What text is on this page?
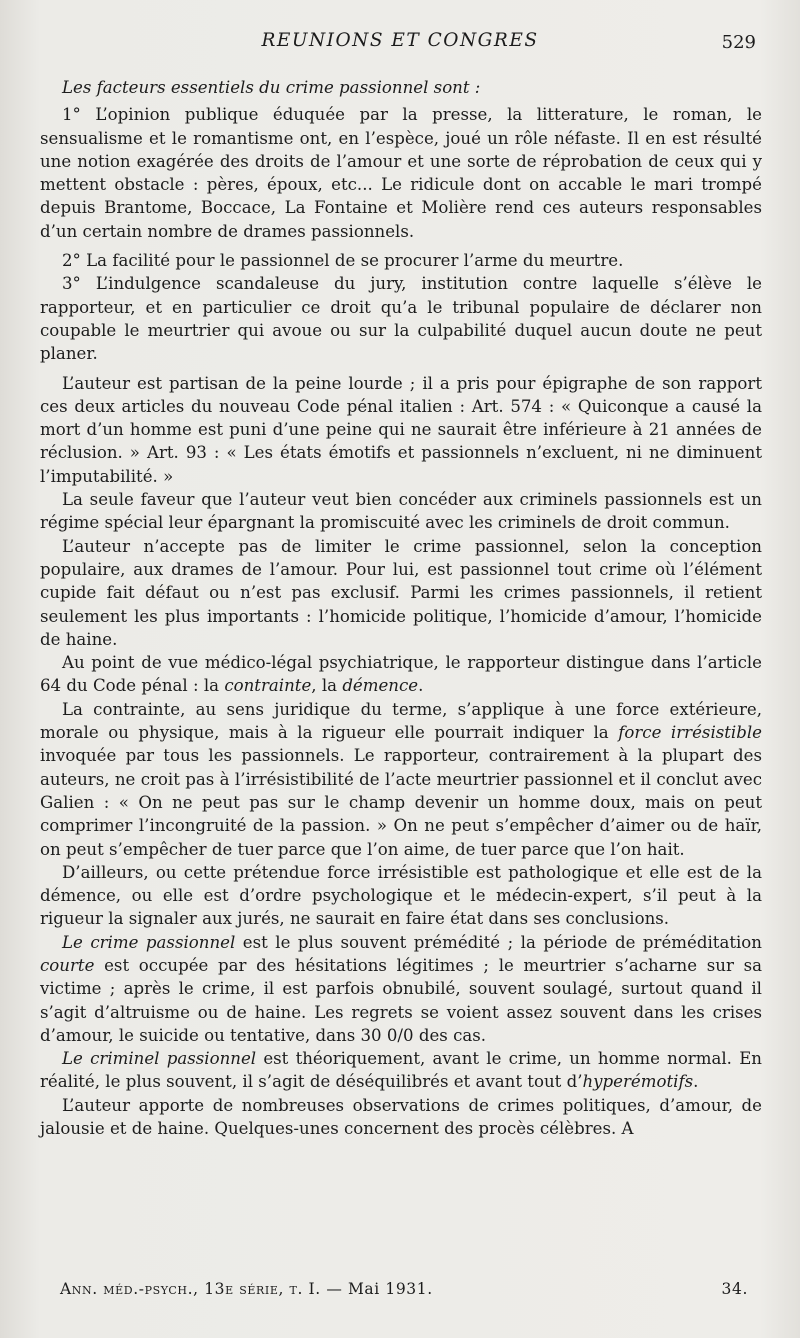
REUNIONS ET CONGRES	529

Les facteurs essentiels du crime passionnel sont :

1° L’opinion publique éduquée par la presse, la litterature, le roman, le sensualisme et le romantisme ont, en l’espèce, joué un rôle néfaste. Il en est résulté une notion exagérée des droits de l’amour et une sorte de réprobation de ceux qui y mettent obstacle : pères, époux, etc... Le ridicule dont on accable le mari trompé depuis Brantome, Boccace, La Fontaine et Molière rend ces auteurs responsables d’un certain nombre de drames passionnels.

2° La facilité pour le passionnel de se procurer l’arme du meurtre.

3° L’indulgence scandaleuse du jury, institution contre laquelle s’élève le rapporteur, et en particulier ce droit qu’a le tribunal populaire de déclarer non coupable le meurtrier qui avoue ou sur la culpabilité duquel aucun doute ne peut planer.

L’auteur est partisan de la peine lourde ; il a pris pour épigraphe de son rapport ces deux articles du nouveau Code pénal italien : Art. 574 : « Quiconque a causé la mort d’un homme est puni d’une peine qui ne saurait être inférieure à 21 années de réclusion. » Art. 93 : « Les états émotifs et passionnels n’excluent, ni ne diminuent l’imputabilité. »

La seule faveur que l’auteur veut bien concéder aux criminels passionnels est un régime spécial leur épargnant la promiscuité avec les criminels de droit commun.

L’auteur n’accepte pas de limiter le crime passionnel, selon la conception populaire, aux drames de l’amour. Pour lui, est passionnel tout crime où l’élément cupide fait défaut ou n’est pas exclusif. Parmi les crimes passionnels, il retient seulement les plus importants : l’homicide politique, l’homicide d’amour, l’homicide de haine.

Au point de vue médico-légal psychiatrique, le rapporteur distingue dans l’article 64 du Code pénal : la contrainte, la démence.

La contrainte, au sens juridique du terme, s’applique à une force extérieure, morale ou physique, mais à la rigueur elle pourrait indiquer la force irrésistible invoquée par tous les passionnels. Le rapporteur, contrairement à la plupart des auteurs, ne croit pas à l’irrésistibilité de l’acte meurtrier passionnel et il conclut avec Galien : « On ne peut pas sur le champ devenir un homme doux, mais on peut comprimer l’incongruité de la passion. » On ne peut s’empêcher d’aimer ou de haïr, on peut s’empêcher de tuer parce que l’on aime, de tuer parce que l’on hait.

D’ailleurs, ou cette prétendue force irrésistible est pathologique et elle est de la démence, ou elle est d’ordre psychologique et le médecin-expert, s’il peut à la rigueur la signaler aux jurés, ne saurait en faire état dans ses conclusions.

Le crime passionnel est le plus souvent prémédité ; la période de préméditation courte est occupée par des hésitations légitimes ; le meurtrier s’acharne sur sa victime ; après le crime, il est parfois obnubilé, souvent soulagé, surtout quand il s’agit d’altruisme ou de haine. Les regrets se voient assez souvent dans les crises d’amour, le suicide ou tentative, dans 30 0/0 des cas.

Le criminel passionnel est théoriquement, avant le crime, un homme normal. En réalité, le plus souvent, il s’agit de déséquilibrés et avant tout d’hyperémotifs.

L’auteur apporte de nombreuses observations de crimes politiques, d’amour, de jalousie et de haine. Quelques-unes concernent des procès célèbres. A

Ann. méd.-psych., 13e série, t. I. — Mai 1931.	34.
